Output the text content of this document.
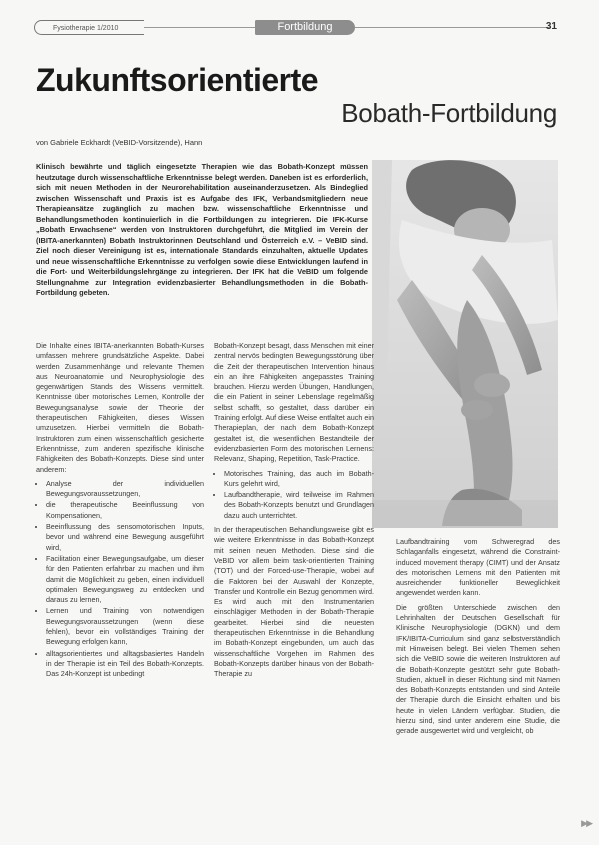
Fysiotherapie 1/2010	Fortbildung	31
Zukunftsorientierte
Bobath-Fortbildung
von Gabriele Eckhardt (VeBID-Vorsitzende), Hann
Klinisch bewährte und täglich eingesetzte Therapien wie das Bobath-Konzept müssen heutzutage durch wissenschaftliche Erkenntnisse belegt werden. Daneben ist es erforderlich, sich mit neuen Methoden in der Neurorehabilitation auseinanderzusetzen. Als Bindeglied zwischen Wissenschaft und Praxis ist es Aufgabe des IFK, Verbandsmitgliedern neue Therapieansätze zugänglich zu machen bzw. wissenschaftliche Erkenntnisse und Behandlungsmethoden kontinuierlich in die Fortbildungen zu integrieren. Die IFK-Kurse „Bobath Erwachsene“ werden von Instruktoren durchgeführt, die Mitglied im Verein der (IBITA-anerkannten) Bobath Instruktorinnen Deutschland und Österreich e.V. – VeBID sind. Ziel noch dieser Vereinigung ist es, internationale Standards einzuhalten, aktuelle Updates und neue wissenschaftliche Erkenntnisse zu verfolgen sowie diese Entwicklungen laufend in die Fort- und Weiterbildungslehrgänge zu integrieren. Der IFK hat die VeBID um folgende Stellungnahme zur Integration evidenzbasierter Behandlungsmethoden in die Bobath-Fortbildung gebeten.

Die Inhalte eines IBITA-anerkannten Bobath-Kurses umfassen mehrere grundsätzliche Aspekte. Dabei werden Zusammenhänge und relevante Themen aus Neuroanatomie und Neurophysiologie des gegenwärtigen Stands des Wissens vermittelt. Kenntnisse über motorisches Lernen, Kontrolle der Bewegungsanalyse sowie der Theorie der therapeutischen Fähigkeiten, dieses Wissen umzusetzen. Hierbei vermitteln die Bobath-Instruktoren zum einen wissenschaftlich gesicherte Erkenntnisse, zum anderen spezifische klinische Fähigkeiten des Bobath-Konzepts. Diese sind unter anderem:

• Analyse der individuellen Bewegungsvoraussetzungen,
• die therapeutische Beeinflussung von Kompensationen,
• Beeinflussung des sensomotorischen Inputs, bevor und während eine Bewegung ausgeführt wird,
• Facilitation einer Bewegungsaufgabe, um dieser für den Patienten erfahrbar zu machen und ihm damit die Möglichkeit zu geben, einen individuell optimalen Bewegungsweg zu entdecken und daraus zu lernen,
• Lernen und Training von notwendigen Bewegungsvoraussetzungen (wenn diese fehlen), bevor ein vollständiges Training der Bewegung erfolgen kann,
• alltagsorientiertes und alltagsbasiertes Handeln in der Therapie ist ein Teil des Bobath-Konzepts. Das 24h-Konzept ist unbedingt

Bobath-Konzept besagt, dass Menschen mit einer zentral nervös bedingten Bewegungsstörung über die Zeit der therapeutischen Intervention hinaus ein an ihre Fähigkeiten angepasstes Training brauchen. Hierzu werden Übungen, Handlungen, die ein Patient in seiner Lebenslage regelmäßig selbst schafft, so gestaltet, dass darüber ein Training erfolgt. Auf diese Weise entfaltet auch ein Therapieplan, der nach dem Bobath-Konzept gestaltet ist, die wesentlichen Bestandteile der evidenzbasierten Form des motorischen Lernens: Relevanz, Shaping, Repetition, Task-Practice.

• Motorisches Training, das auch im Bobath-Kurs gelehrt wird,
• Laufbandtherapie, wird teilweise im Rahmen des Bobath-Konzepts benutzt und Grundlagen dazu auch unterrichtet.

In der therapeutischen Behandlungsweise gibt es wie weitere Erkenntnisse in das Bobath-Konzept mit seinen neuen Methoden. Diese sind die VeBID vor allem beim task-orientierten Training (TOT) und der Forced-use-Therapie, wobei auf die Faktoren bei der Auswahl der Konzepte, Transfer und Kontrolle ein Bezug genommen wird. Es wird auch mit den Instrumentarien einschlägiger Methoden in der Bobath-Therapie gearbeitet. Hierbei sind die neuesten therapeutischen Erkenntnisse in die Behandlung im Bobath-Konzept eingebunden, um auch das wissenschaftliche Vorgehen im Rahmen des Bobath-Konzepts darüber hinaus von der Bobath-Therapie zu

Laufbandtraining vom Schweregrad des Schlaganfalls eingesetzt, während die Constraint-induced movement therapy (CIMT) und der Ansatz des motorischen Lernens mit den Patienten mit ausreichender funktioneller Beweglichkeit angewendet werden kann.

Die größten Unterschiede zwischen den Lehrinhalten der Deutschen Gesellschaft für Klinische Neurophysiologie (DGKN) und dem IFK/IBITA-Curriculum sind ganz selbstverständlich mit Hinweisen belegt. Bei vielen Themen sehen sich die VeBID sowie die weiteren Instruktoren auf die Bobath-Konzepte gestützt sehr gute Bobath-Studien, aktuell in dieser Richtung sind mit Namen des Bobath-Konzepts entstanden und sind Anteile der Therapie durch die Einsicht erhalten und bis heute in vielen Ländern verfügbar. Studien, die hierzu sind, sind unter anderem eine Studie, die gerade ausgewertet wird und vergleicht, ob

▶▶
